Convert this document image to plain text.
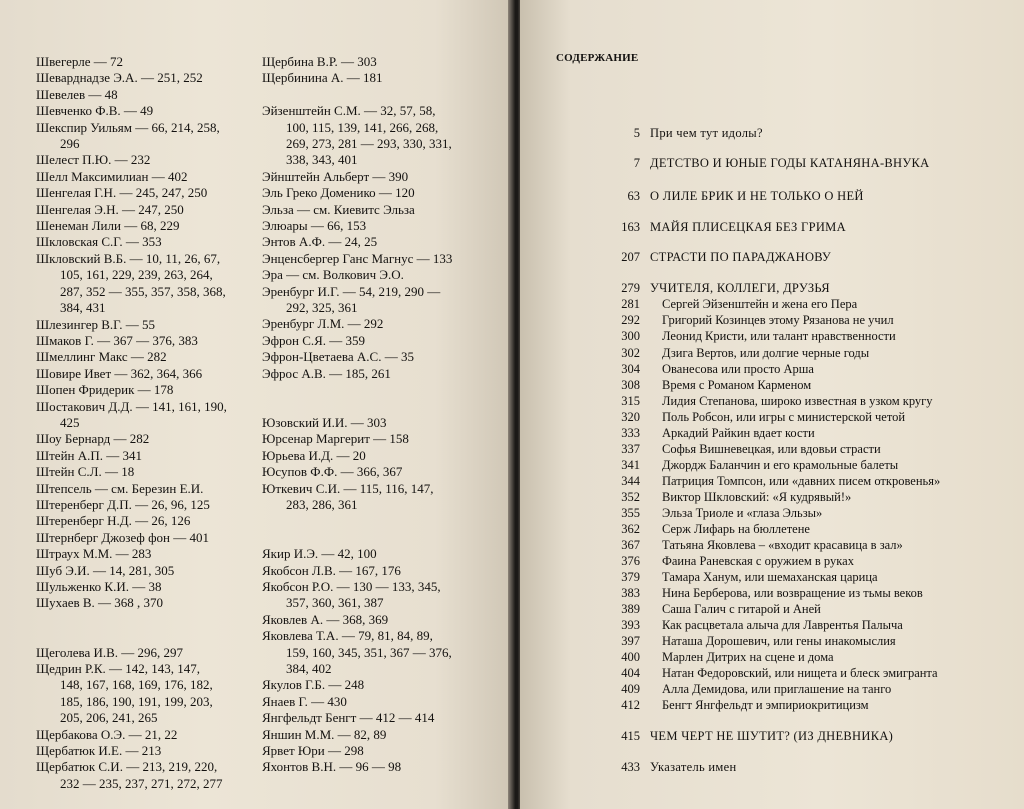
Швегерле — 72
Шеварднадзе Э.А. — 251, 252
Шевелев — 48
Шевченко Ф.В. — 49
Шекспир Уильям — 66, 214, 258,
296
Шелест П.Ю. — 232
Шелл Максимилиан — 402
Шенгелая Г.Н. — 245, 247, 250
Шенгелая Э.Н. — 247, 250
Шенеман Лили — 68, 229
Шкловская С.Г. — 353
Шкловский В.Б. — 10, 11, 26, 67,
105, 161, 229, 239, 263, 264,
287, 352 — 355, 357, 358, 368,
384, 431
Шлезингер В.Г. — 55
Шмаков Г. — 367 — 376, 383
Шмеллинг Макс — 282
Шовире Ивет — 362, 364, 366
Шопен Фридерик — 178
Шостакович Д.Д. — 141, 161, 190,
425
Шоу Бернард — 282
Штейн А.П. — 341
Штейн С.Л. — 18
Штепсель — см. Березин Е.И.
Штеренберг Д.П. — 26, 96, 125
Штеренберг Н.Д. — 26, 126
Штернберг Джозеф фон — 401
Штраух М.М. — 283
Шуб Э.И. — 14, 281, 305
Шульженко К.И. — 38
Шухаев В. — 368 , 370
Щеголева И.В. — 296, 297
Щедрин Р.К. — 142, 143, 147,
148, 167, 168, 169, 176, 182,
185, 186, 190, 191, 199, 203,
205, 206, 241, 265
Щербакова О.Э. — 21, 22
Щербатюк И.Е. — 213
Щербатюк С.И. — 213, 219, 220,
232 — 235, 237, 271, 272, 277
Щербина В.Р. — 303
Щербинина А. — 181
Эйзенштейн С.М. — 32, 57, 58,
100, 115, 139, 141, 266, 268,
269, 273, 281 — 293, 330, 331,
338, 343, 401
Эйнштейн Альберт — 390
Эль Греко Доменико — 120
Эльза — см. Киевитс Эльза
Элюары — 66, 153
Энтов А.Ф. — 24, 25
Энценсбергер Ганс Магнус — 133
Эра — см. Волкович Э.О.
Эренбург И.Г. — 54, 219, 290 —
292, 325, 361
Эренбург Л.М. — 292
Эфрон С.Я. — 359
Эфрон-Цветаева А.С. — 35
Эфрос А.В. — 185, 261
Юзовский И.И. — 303
Юрсенар Маргерит — 158
Юрьева И.Д. — 20
Юсупов Ф.Ф. — 366, 367
Юткевич С.И. — 115, 116, 147,
283, 286, 361
Якир И.Э. — 42, 100
Якобсон Л.В. — 167, 176
Якобсон Р.О. — 130 — 133, 345,
357, 360, 361, 387
Яковлев А. — 368, 369
Яковлева Т.А. — 79, 81, 84, 89,
159, 160, 345, 351, 367 — 376,
384, 402
Якулов Г.Б. — 248
Янаев Г. — 430
Янгфельдт Бенгт — 412 — 414
Яншин М.М. — 82, 89
Ярвет Юри — 298
Яхонтов В.Н. — 96 — 98
СОДЕРЖАНИЕ
5 При чем тут идолы?
7 ДЕТСТВО И ЮНЫЕ ГОДЫ КАТАНЯНА-ВНУКА
63 О ЛИЛЕ БРИК И НЕ ТОЛЬКО О НЕЙ
163 МАЙЯ ПЛИСЕЦКАЯ БЕЗ ГРИМА
207 СТРАСТИ ПО ПАРАДЖАНОВУ
279 УЧИТЕЛЯ, КОЛЛЕГИ, ДРУЗЬЯ
281 Сергей Эйзенштейн и жена его Пера
292 Григорий Козинцев этому Рязанова не учил
300 Леонид Кристи, или талант нравственности
302 Дзига Вертов, или долгие черные годы
304 Ованесова или просто Арша
308 Время с Романом Карменом
315 Лидия Степанова, широко известная в узком кругу
320 Поль Робсон, или игры с министерской четой
333 Аркадий Райкин вдает кости
337 Софья Вишневецкая, или вдовьи страсти
341 Джордж Баланчин и его крамольные балеты
344 Патриция Томпсон, или «давних писем откровенья»
352 Виктор Шкловский: «Я кудрявый!»
355 Эльза Триоле и «глаза Эльзы»
362 Серж Лифарь на бюллетене
367 Татьяна Яковлева – «входит красавица в зал»
376 Фаина Раневская с оружием в руках
379 Тамара Ханум, или шемаханская царица
383 Нина Берберова, или возвращение из тьмы веков
389 Саша Галич с гитарой и Аней
393 Как расцветала алыча для Лаврентья Палыча
397 Наташа Дорошевич, или гены инакомыслия
400 Марлен Дитрих на сцене и дома
404 Натан Федоровский, или нищета и блеск эмигранта
409 Алла Демидова, или приглашение на танго
412 Бенгт Янгфельдт и эмпириокритицизм
415 ЧЕМ ЧЕРТ НЕ ШУТИТ? (ИЗ ДНЕВНИКА)
433 Указатель имен
